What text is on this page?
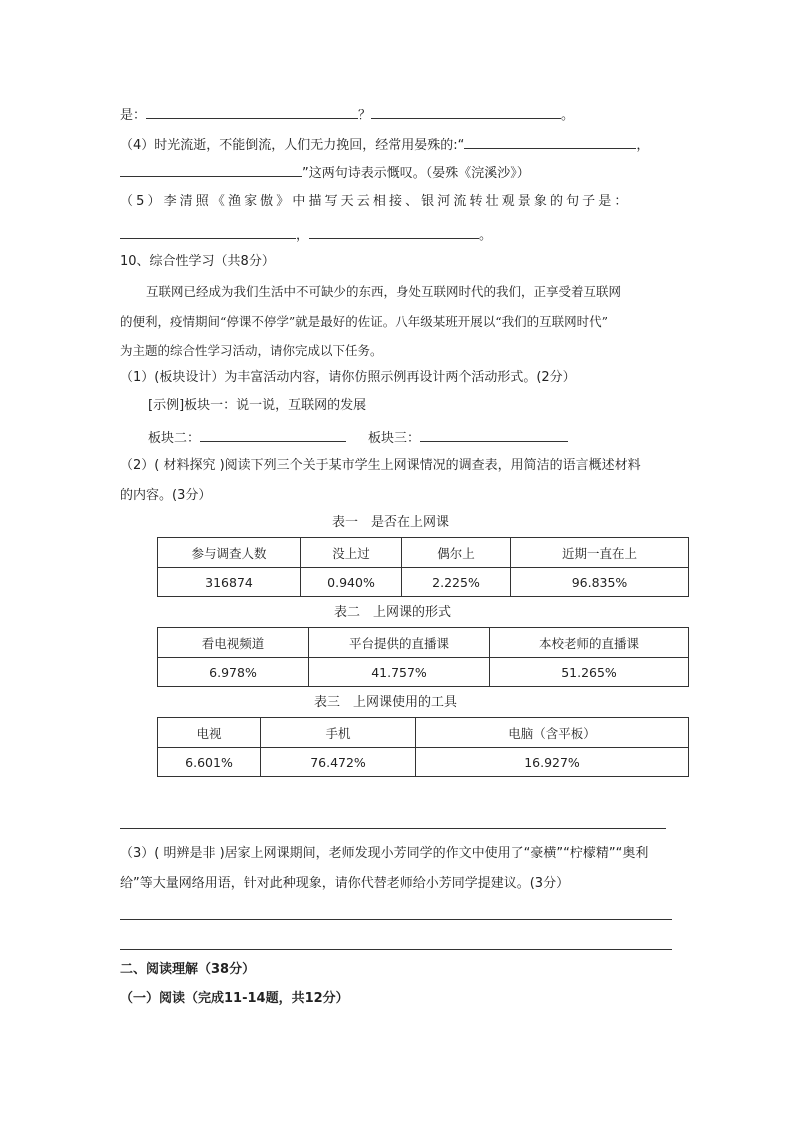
是：	？	。
（4）时光流逝，不能倒流，人们无力挽回，经常用晏殊的:“	，
”这两句诗表示慨叹。（晏殊《浣溪沙》）
（5）李清照《渔家傲》中描写天云相接、银河流转壮观景象的句子是：
，	。
10、综合性学习（共8分）
互联网已经成为我们生活中不可缺少的东西，身处互联网时代的我们，正享受着互联网
的便利，疫情期间“停课不停学”就是最好的佐证。八年级某班开展以“我们的互联网时代”
为主题的综合性学习活动，请你完成以下任务。
（1）(板块设计）为丰富活动内容，请你仿照示例再设计两个活动形式。(2分）
[示例]板块一：说一说，互联网的发展
板块二：	板块三：
（2）( 材料探究 )阅读下列三个关于某市学生上网课情况的调查表，用简洁的语言概述材料
的内容。(3分）
表一　是否在上网课
参与调查人数	没上过	偶尔上	近期一直在上
316874	0.940%	2.225%	96.835%
表二　上网课的形式
看电视频道	平台提供的直播课	本校老师的直播课
6.978%	41.757%	51.265%
表三　上网课使用的工具
电视	手机	电脑（含平板）
6.601%	76.472%	16.927%
（3）( 明辨是非 )居家上网课期间，老师发现小芳同学的作文中使用了“豪横”“柠檬精”“奥利
给”等大量网络用语，针对此种现象，请你代替老师给小芳同学提建议。(3分）
二、阅读理解（38分）
（一）阅读（完成11-14题，共12分）
